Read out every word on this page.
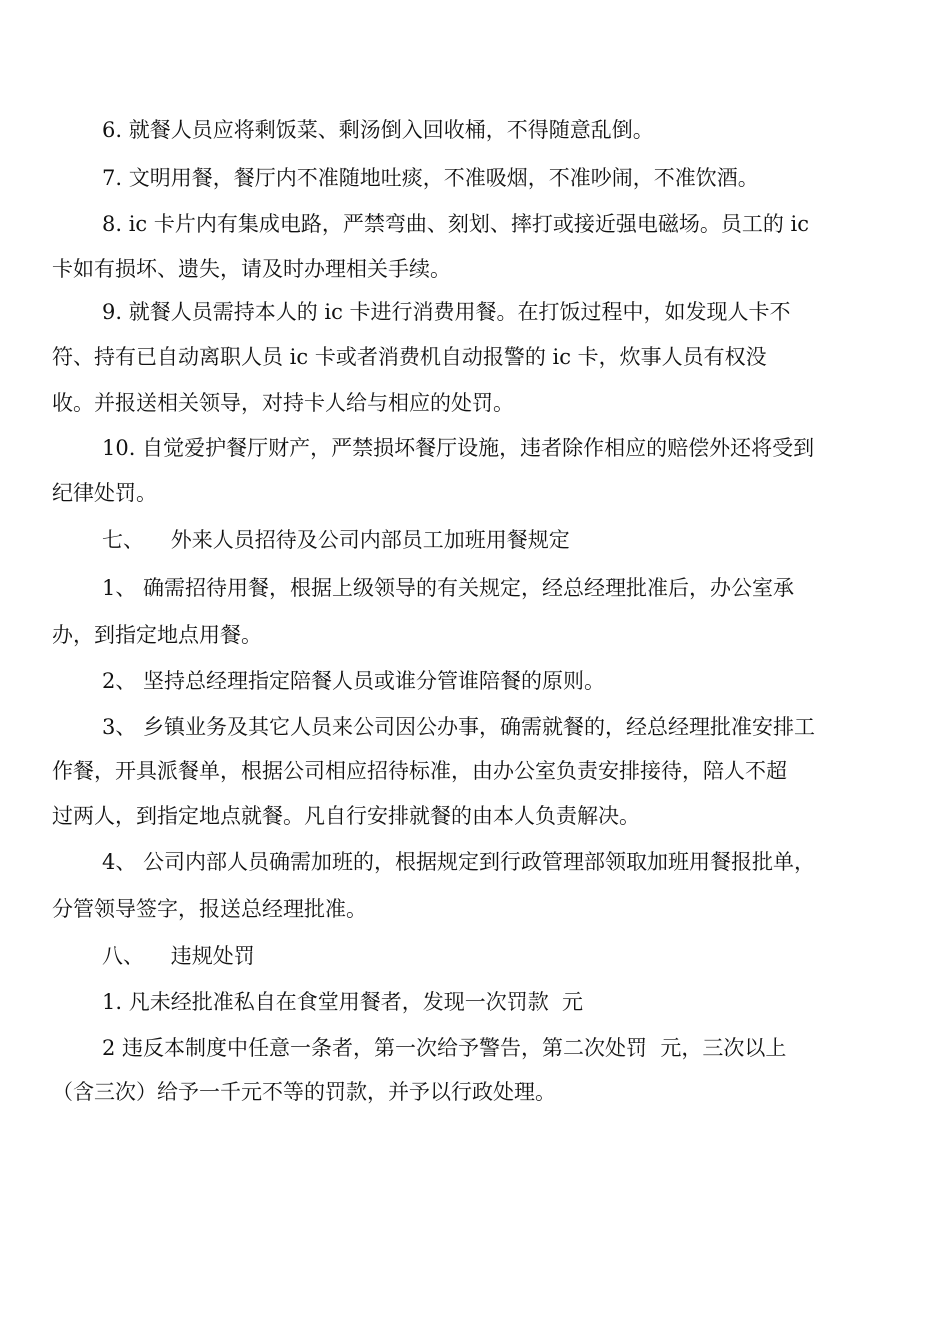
6. 就餐人员应将剩饭菜、剩汤倒入回收桶，不得随意乱倒。
7. 文明用餐，餐厅内不准随地吐痰，不准吸烟，不准吵闹，不准饮酒。
8. ic 卡片内有集成电路，严禁弯曲、刻划、摔打或接近强电磁场。员工的 ic
卡如有损坏、遗失，请及时办理相关手续。
9. 就餐人员需持本人的 ic 卡进行消费用餐。在打饭过程中，如发现人卡不
符、持有已自动离职人员 ic 卡或者消费机自动报警的 ic 卡，炊事人员有权没
收。并报送相关领导，对持卡人给与相应的处罚。
10. 自觉爱护餐厅财产，严禁损坏餐厅设施，违者除作相应的赔偿外还将受到
纪律处罚。
七、    外来人员招待及公司内部员工加班用餐规定
1、 确需招待用餐，根据上级领导的有关规定，经总经理批准后，办公室承
办，到指定地点用餐。
2、 坚持总经理指定陪餐人员或谁分管谁陪餐的原则。
3、 乡镇业务及其它人员来公司因公办事，确需就餐的，经总经理批准安排工
作餐，开具派餐单，根据公司相应招待标准，由办公室负责安排接待，陪人不超
过两人，到指定地点就餐。凡自行安排就餐的由本人负责解决。
4、 公司内部人员确需加班的，根据规定到行政管理部领取加班用餐报批单，
分管领导签字，报送总经理批准。
八、    违规处罚
1. 凡未经批准私自在食堂用餐者，发现一次罚款  元
2 违反本制度中任意一条者，第一次给予警告，第二次处罚  元，三次以上
（含三次）给予一千元不等的罚款，并予以行政处理。
